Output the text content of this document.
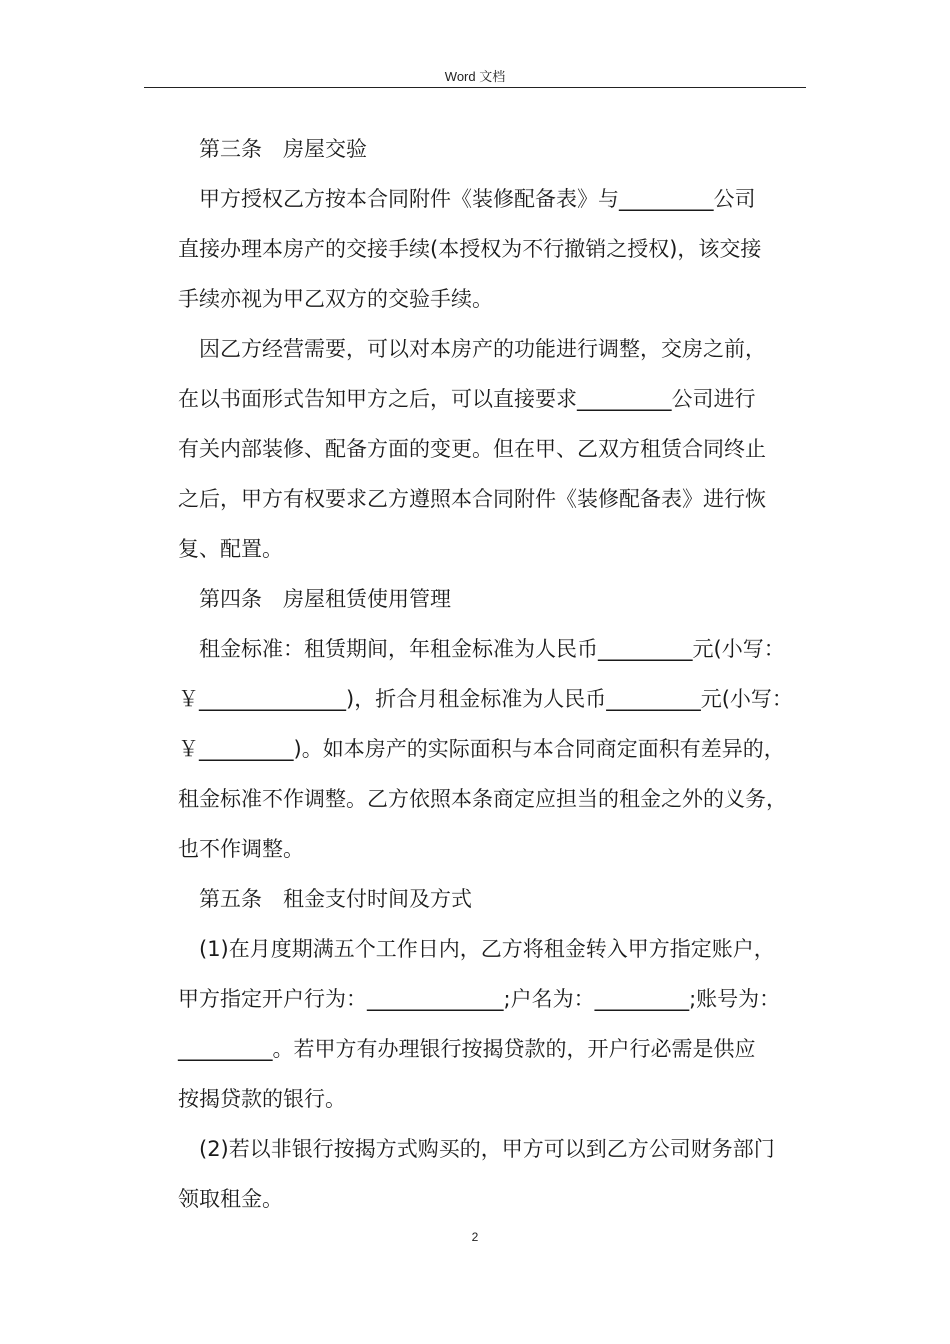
Word 文档
第三条　房屋交验
甲方授权乙方按本合同附件《装修配备表》与_________公司
直接办理本房产的交接手续(本授权为不行撤销之授权)，该交接
手续亦视为甲乙双方的交验手续。
因乙方经营需要，可以对本房产的功能进行调整，交房之前，
在以书面形式告知甲方之后，可以直接要求_________公司进行
有关内部装修、配备方面的变更。但在甲、乙双方租赁合同终止
之后，甲方有权要求乙方遵照本合同附件《装修配备表》进行恢
复、配置。
第四条　房屋租赁使用管理
租金标准：租赁期间，年租金标准为人民币_________元(小写：
￥______________)，折合月租金标准为人民币_________元(小写：
￥_________)。如本房产的实际面积与本合同商定面积有差异的，
租金标准不作调整。乙方依照本条商定应担当的租金之外的义务，
也不作调整。
第五条　租金支付时间及方式
(1)在月度期满五个工作日内，乙方将租金转入甲方指定账户，
甲方指定开户行为：_____________;户名为：_________;账号为：
_________。若甲方有办理银行按揭贷款的，开户行必需是供应
按揭贷款的银行。
(2)若以非银行按揭方式购买的，甲方可以到乙方公司财务部门
领取租金。
2
